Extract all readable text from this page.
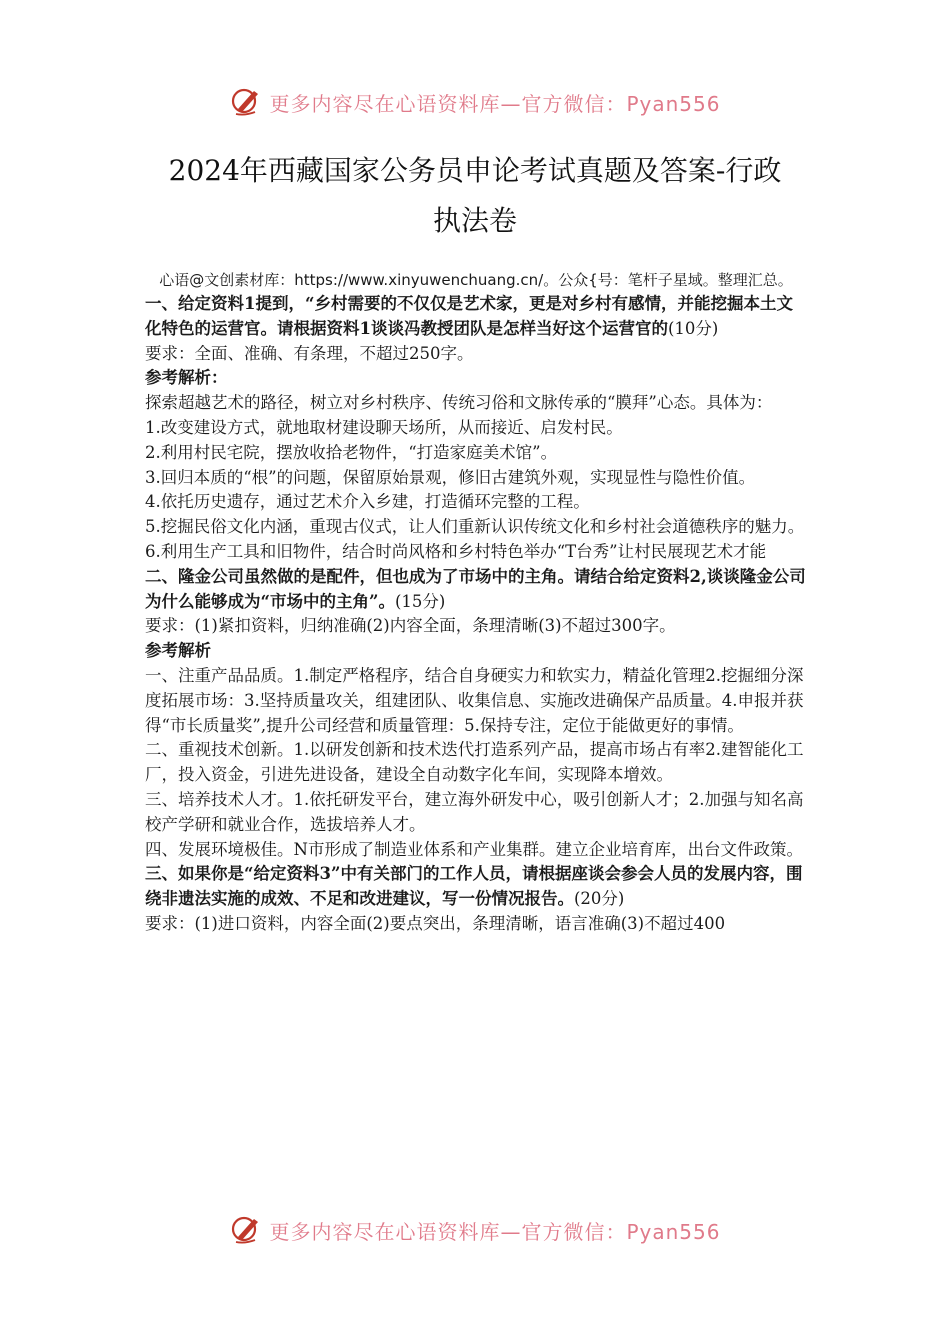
更多内容尽在心语资料库—官方微信：Pyan556
2024年西藏国家公务员申论考试真题及答案-行政
执法卷

心语@文创素材库：https://www.xinyuwenchuang.cn/。公众{号：笔杆子星域。整理汇总。

一、给定资料1提到，“乡村需要的不仅仅是艺术家，更是对乡村有感情，并能挖掘本土文化特色的运营官。请根据资料1谈谈冯教授团队是怎样当好这个运营官的(10分)

要求：全面、准确、有条理，不超过250字。

参考解析：

探索超越艺术的路径，树立对乡村秩序、传统习俗和文脉传承的“膜拜”心态。具体为：

1.改变建设方式，就地取材建设聊天场所，从而接近、启发村民。

2.利用村民宅院，摆放收拾老物件，“打造家庭美术馆”。

3.回归本质的“根”的问题，保留原始景观，修旧古建筑外观，实现显性与隐性价值。

4.依托历史遗存，通过艺术介入乡建，打造循环完整的工程。

5.挖掘民俗文化内涵，重现古仪式，让人们重新认识传统文化和乡村社会道德秩序的魅力。

6.利用生产工具和旧物件，结合时尚风格和乡村特色举办“T台秀”让村民展现艺术才能

二、隆金公司虽然做的是配件，但也成为了市场中的主角。请结合给定资料2,谈谈隆金公司为什么能够成为“市场中的主角”。(15分)

要求：(1)紧扣资料，归纳准确(2)内容全面，条理清晰(3)不超过300字。

参考解析

一、注重产品品质。1.制定严格程序，结合自身硬实力和软实力，精益化管理2.挖掘细分深度拓展市场：3.坚持质量攻关，组建团队、收集信息、实施改进确保产品质量。4.申报并获得“市长质量奖”,提升公司经营和质量管理：5.保持专注，定位于能做更好的事情。

二、重视技术创新。1.以研发创新和技术迭代打造系列产品，提高市场占有率2.建智能化工厂，投入资金，引进先进设备，建设全自动数字化车间，实现降本增效。

三、培养技术人才。1.依托研发平台，建立海外研发中心，吸引创新人才；2.加强与知名高校产学研和就业合作，选拔培养人才。

四、发展环境极佳。N市形成了制造业体系和产业集群。建立企业培育库，出台文件政策。

三、如果你是“给定资料3”中有关部门的工作人员，请根据座谈会参会人员的发展内容，围绕非遗法实施的成效、不足和改进建议，写一份情况报告。(20分)

要求：(1)进口资料，内容全面(2)要点突出，条理清晰，语言准确(3)不超过400

更多内容尽在心语资料库—官方微信：Pyan556
